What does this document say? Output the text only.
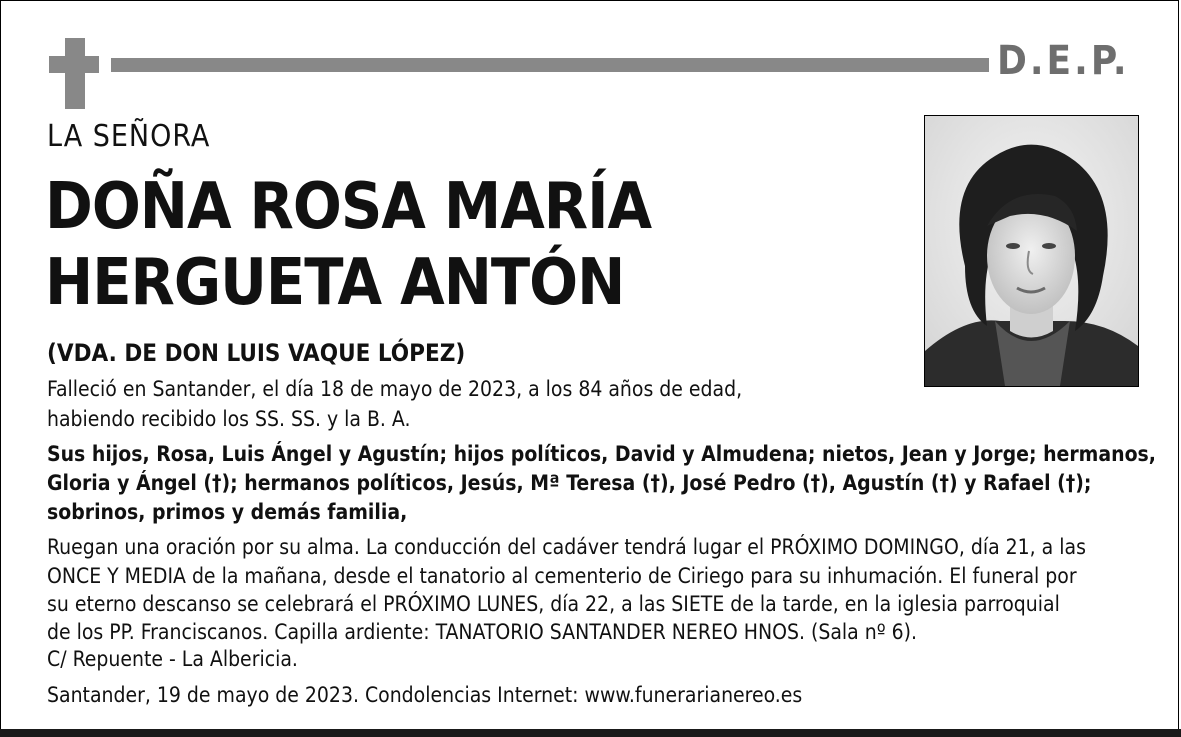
D.E.P.
LA SEÑORA
DOÑA ROSA MARÍA
HERGUETA ANTÓN
(VDA. DE DON LUIS VAQUE LÓPEZ)
Falleció en Santander, el día 18 de mayo de 2023, a los 84 años de edad,
habiendo recibido los SS. SS. y la B. A.
Sus hijos, Rosa, Luis Ángel y Agustín; hijos políticos, David y Almudena; nietos, Jean y Jorge; hermanos,
Gloria y Ángel (†); hermanos políticos, Jesús, Mª Teresa (†), José Pedro (†), Agustín (†) y Rafael (†);
sobrinos, primos y demás familia,
Ruegan una oración por su alma. La conducción del cadáver tendrá lugar el PRÓXIMO DOMINGO, día 21, a las
ONCE Y MEDIA de la mañana, desde el tanatorio al cementerio de Ciriego para su inhumación. El funeral por
su eterno descanso se celebrará el PRÓXIMO LUNES, día 22, a las SIETE de la tarde, en la iglesia parroquial
de los PP. Franciscanos. Capilla ardiente: TANATORIO SANTANDER NEREO HNOS. (Sala nº 6).
C/ Repuente - La Albericia.
Santander, 19 de mayo de 2023. Condolencias Internet: www.funerarianereo.es
